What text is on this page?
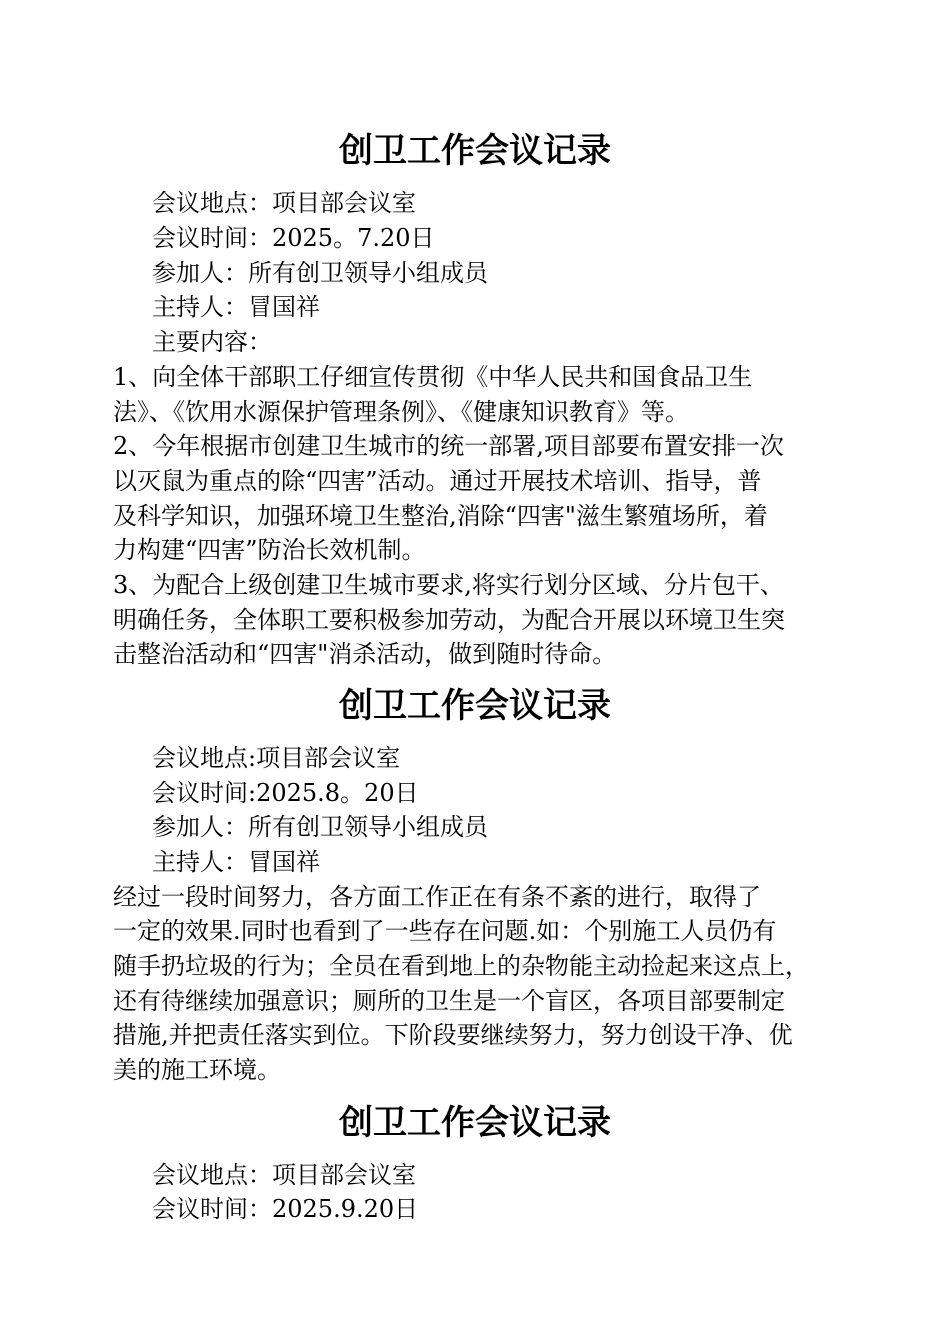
创卫工作会议记录
会议地点：项目部会议室
会议时间：2025。7.20日
参加人：所有创卫领导小组成员
主持人：冒国祥
主要内容：
1、向全体干部职工仔细宣传贯彻《中华人民共和国食品卫生
法》、《饮用水源保护管理条例》、《健康知识教育》等。
2、今年根据市创建卫生城市的统一部署,项目部要布置安排一次
以灭鼠为重点的除“四害”活动。通过开展技术培训、指导，普
及科学知识，加强环境卫生整治,消除“四害"滋生繁殖场所，着
力构建“四害”防治长效机制。
3、为配合上级创建卫生城市要求,将实行划分区域、分片包干、
明确任务，全体职工要积极参加劳动，为配合开展以环境卫生突
击整治活动和“四害"消杀活动，做到随时待命。
创卫工作会议记录
会议地点:项目部会议室
会议时间:2025.8。20日
参加人：所有创卫领导小组成员
主持人：冒国祥
经过一段时间努力，各方面工作正在有条不紊的进行，取得了
一定的效果.同时也看到了一些存在问题.如：个别施工人员仍有
随手扔垃圾的行为；全员在看到地上的杂物能主动捡起来这点上，
还有待继续加强意识；厕所的卫生是一个盲区，各项目部要制定
措施,并把责任落实到位。下阶段要继续努力，努力创设干净、优
美的施工环境。
创卫工作会议记录
会议地点：项目部会议室
会议时间：2025.9.20日
